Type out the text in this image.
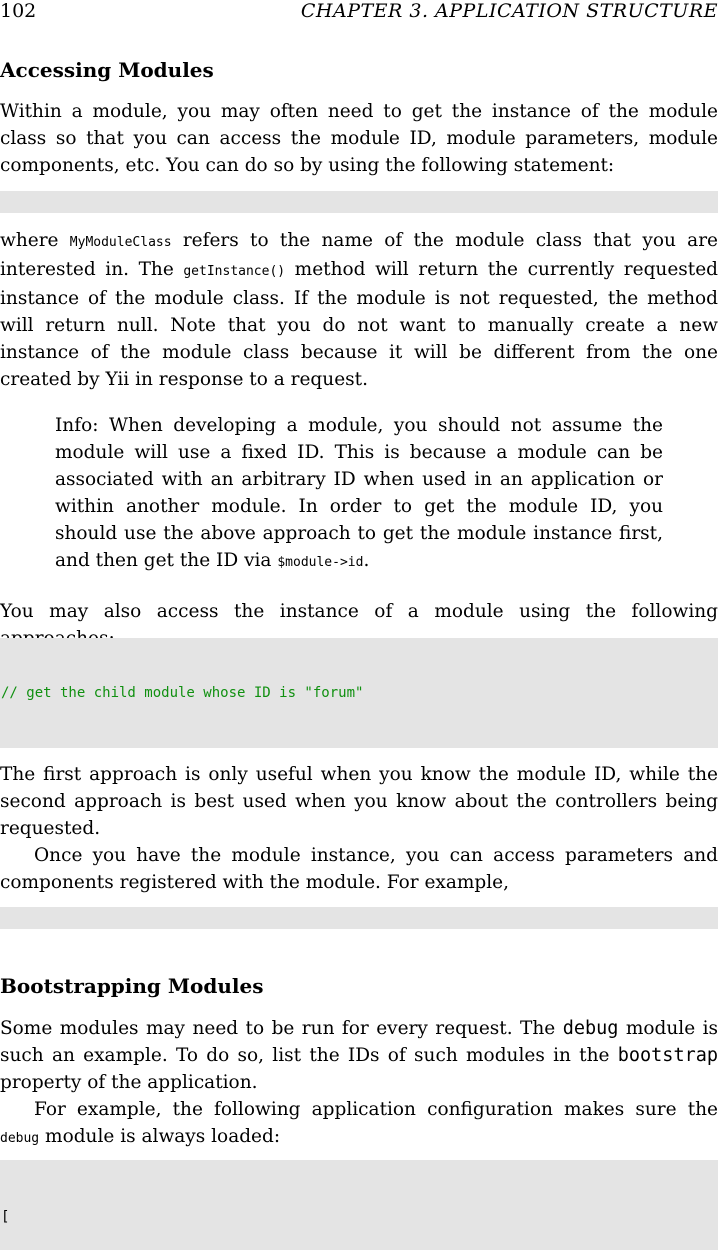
102	CHAPTER 3. APPLICATION STRUCTURE
Accessing Modules

Within a module, you may often need to get the instance of the module class so that you can access the module ID, module parameters, module components, etc. You can do so by using the following statement:

where MyModuleClass refers to the name of the module class that you are interested in. The getInstance() method will return the currently requested instance of the module class. If the module is not requested, the method will return null. Note that you do not want to manually create a new instance of the module class because it will be different from the one created by Yii in response to a request.

Info: When developing a module, you should not assume the module will use a fixed ID. This is because a module can be associated with an arbitrary ID when used in an application or within another module. In order to get the module ID, you should use the above approach to get the module instance first, and then get the ID via $module->id.

You may also access the instance of a module using the following

// get the child module whose ID is "forum"

The first approach is only useful when you know the module ID, while the second approach is best used when you know about the controllers being requested.

Once you have the module instance, you can access parameters and components registered with the module. For example,

Bootstrapping Modules

Some modules may need to be run for every request. The debug module is such an example. To do so, list the IDs of such modules in the bootstrap property of the application.

For example, the following application configuration makes sure the debug module is always loaded:

[
